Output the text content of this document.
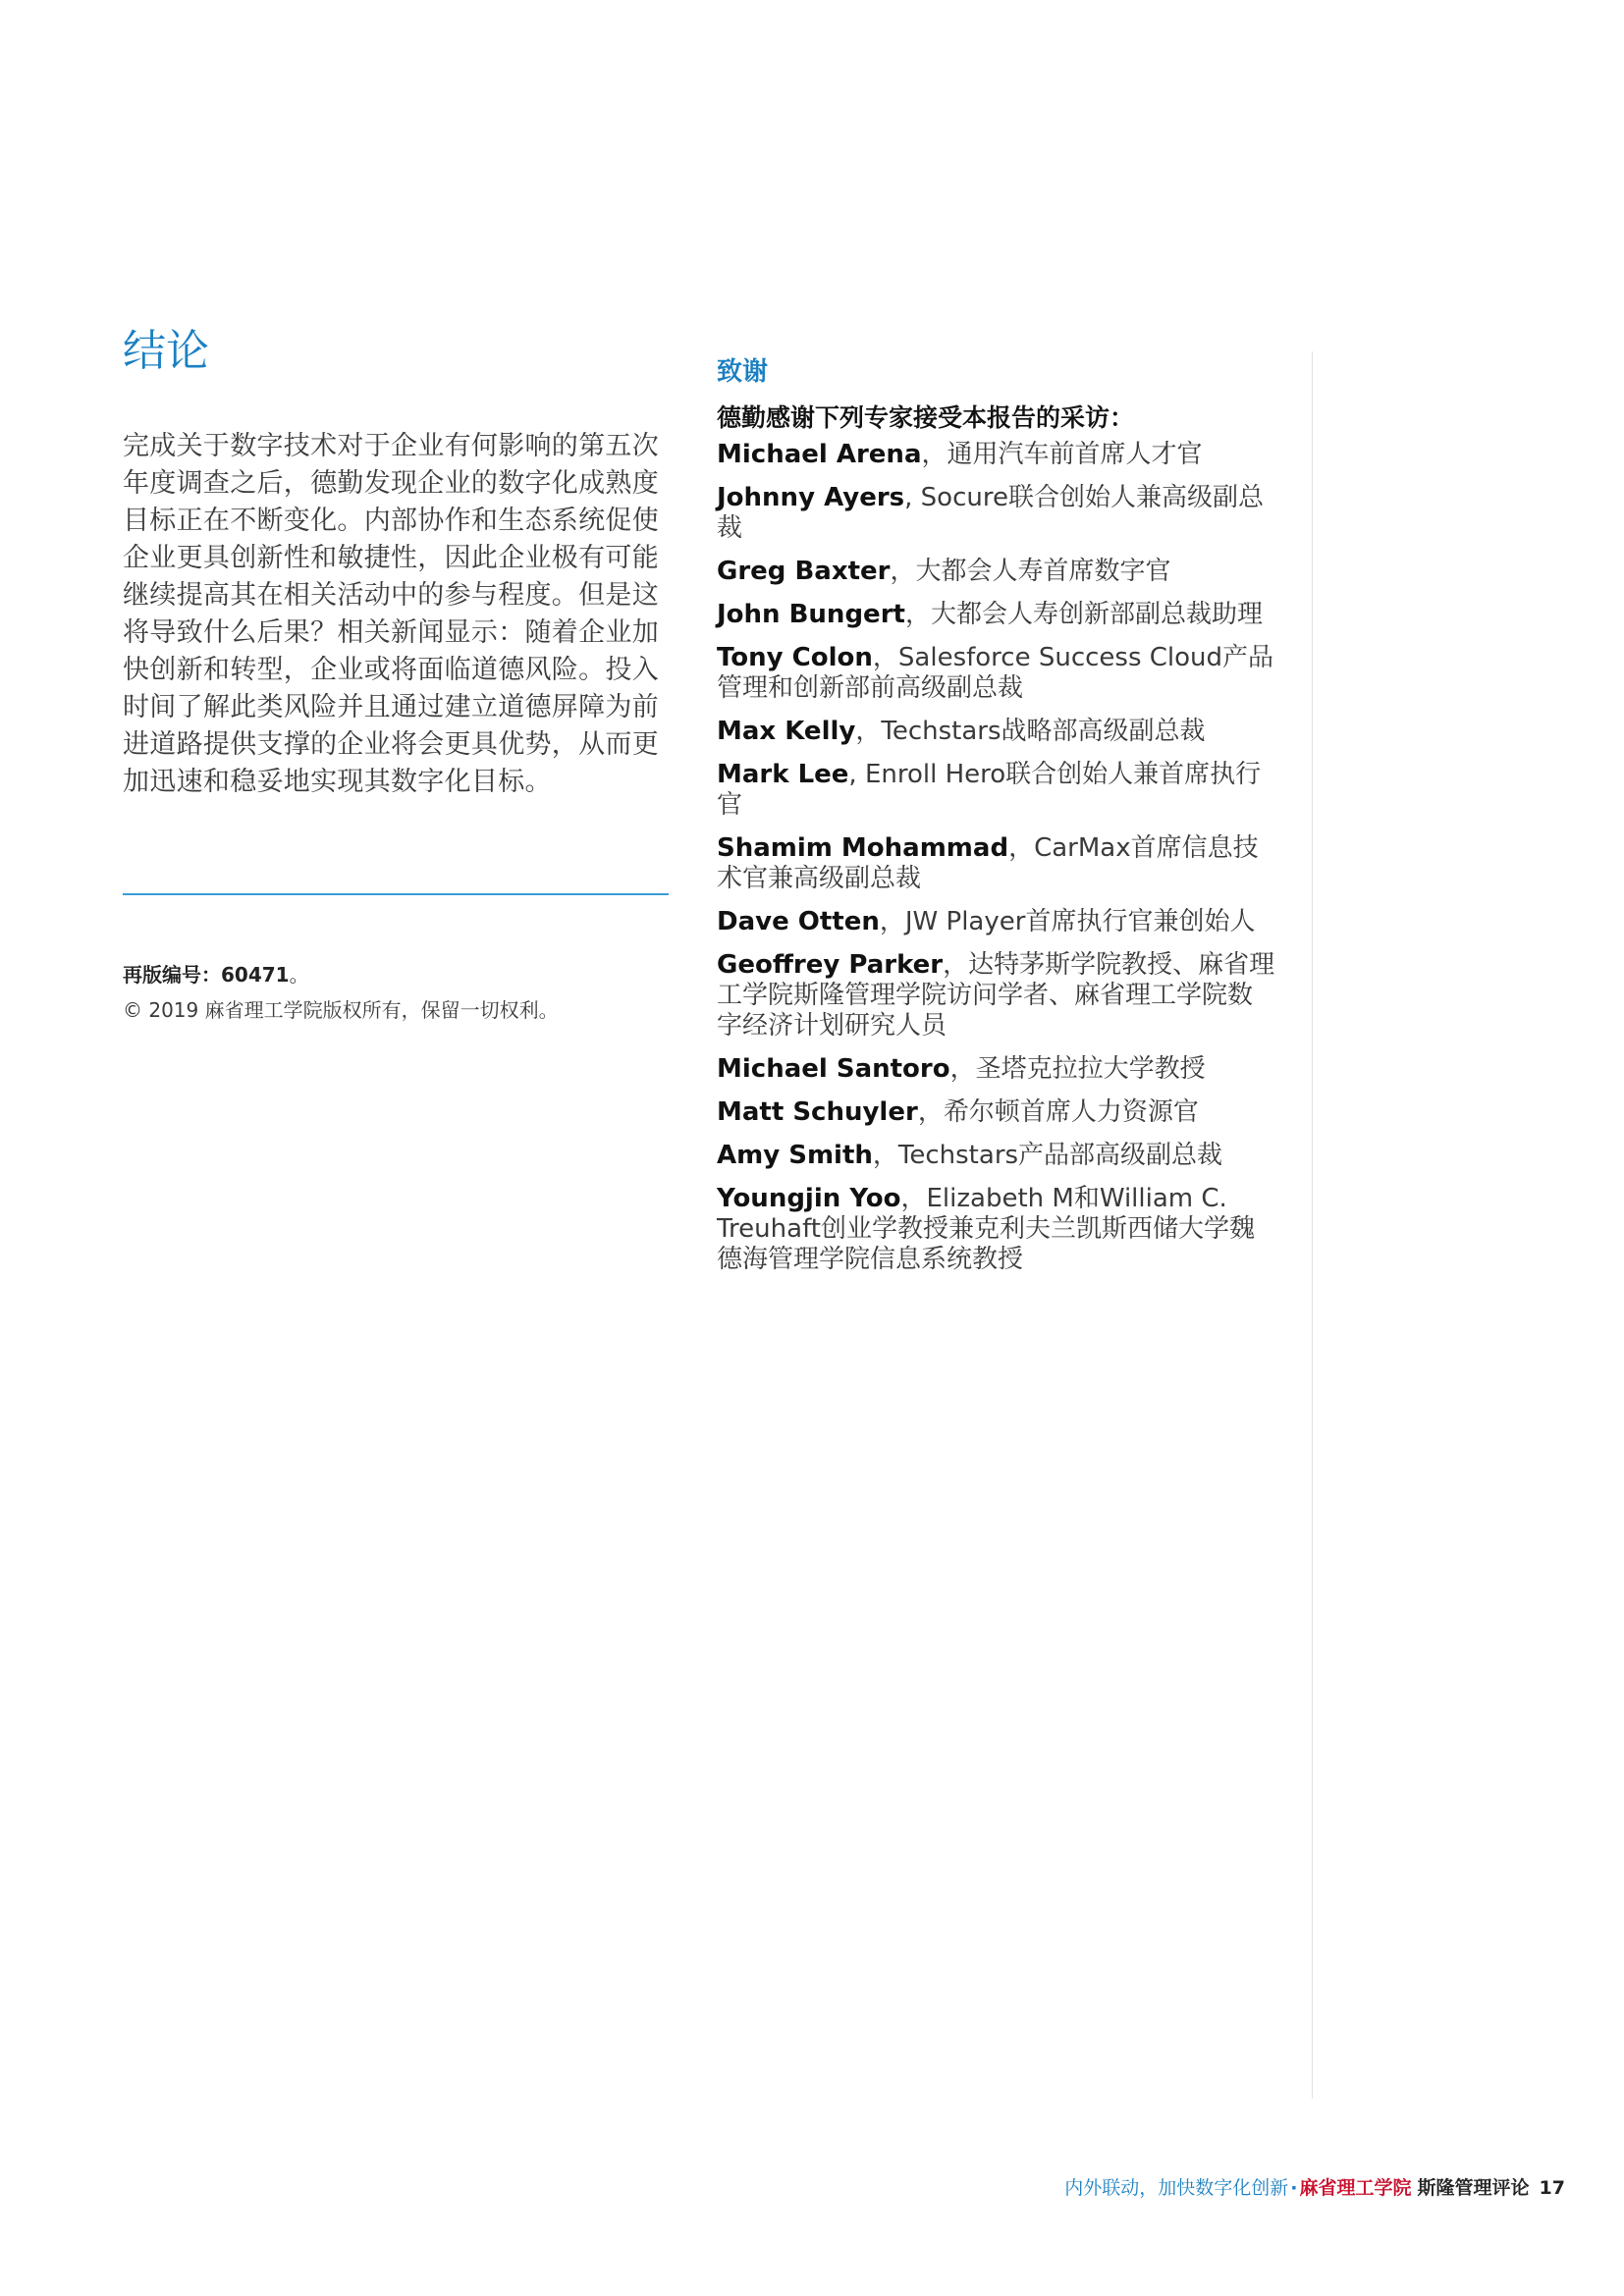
结论

完成关于数字技术对于企业有何影响的第五次年度调查之后，德勤发现企业的数字化成熟度目标正在不断变化。内部协作和生态系统促使企业更具创新性和敏捷性，因此企业极有可能继续提高其在相关活动中的参与程度。但是这将导致什么后果？相关新闻显示：随着企业加快创新和转型，企业或将面临道德风险。投入时间了解此类风险并且通过建立道德屏障为前进道路提供支撑的企业将会更具优势，从而更加迅速和稳妥地实现其数字化目标。

再版编号：60471。
© 2019 麻省理工学院版权所有，保留一切权利。
致谢

德勤感谢下列专家接受本报告的采访：

Michael Arena，通用汽车前首席人才官

Johnny Ayers, Socure联合创始人兼高级副总裁

Greg Baxter，大都会人寿首席数字官

John Bungert，大都会人寿创新部副总裁助理

Tony Colon，Salesforce Success Cloud产品管理和创新部前高级副总裁

Max Kelly，Techstars战略部高级副总裁

Mark Lee, Enroll Hero联合创始人兼首席执行官

Shamim Mohammad，CarMax首席信息技术官兼高级副总裁

Dave Otten，JW Player首席执行官兼创始人

Geoffrey Parker，达特茅斯学院教授、麻省理工学院斯隆管理学院访问学者、麻省理工学院数字经济计划研究人员

Michael Santoro，圣塔克拉拉大学教授

Matt Schuyler，希尔顿首席人力资源官

Amy Smith，Techstars产品部高级副总裁

Youngjin Yoo，Elizabeth M和William C. Treuhaft创业学教授兼克利夫兰凯斯西储大学魏德海管理学院信息系统教授

内外联动，加快数字化创新 · 麻省理工学院 斯隆管理评论 17
